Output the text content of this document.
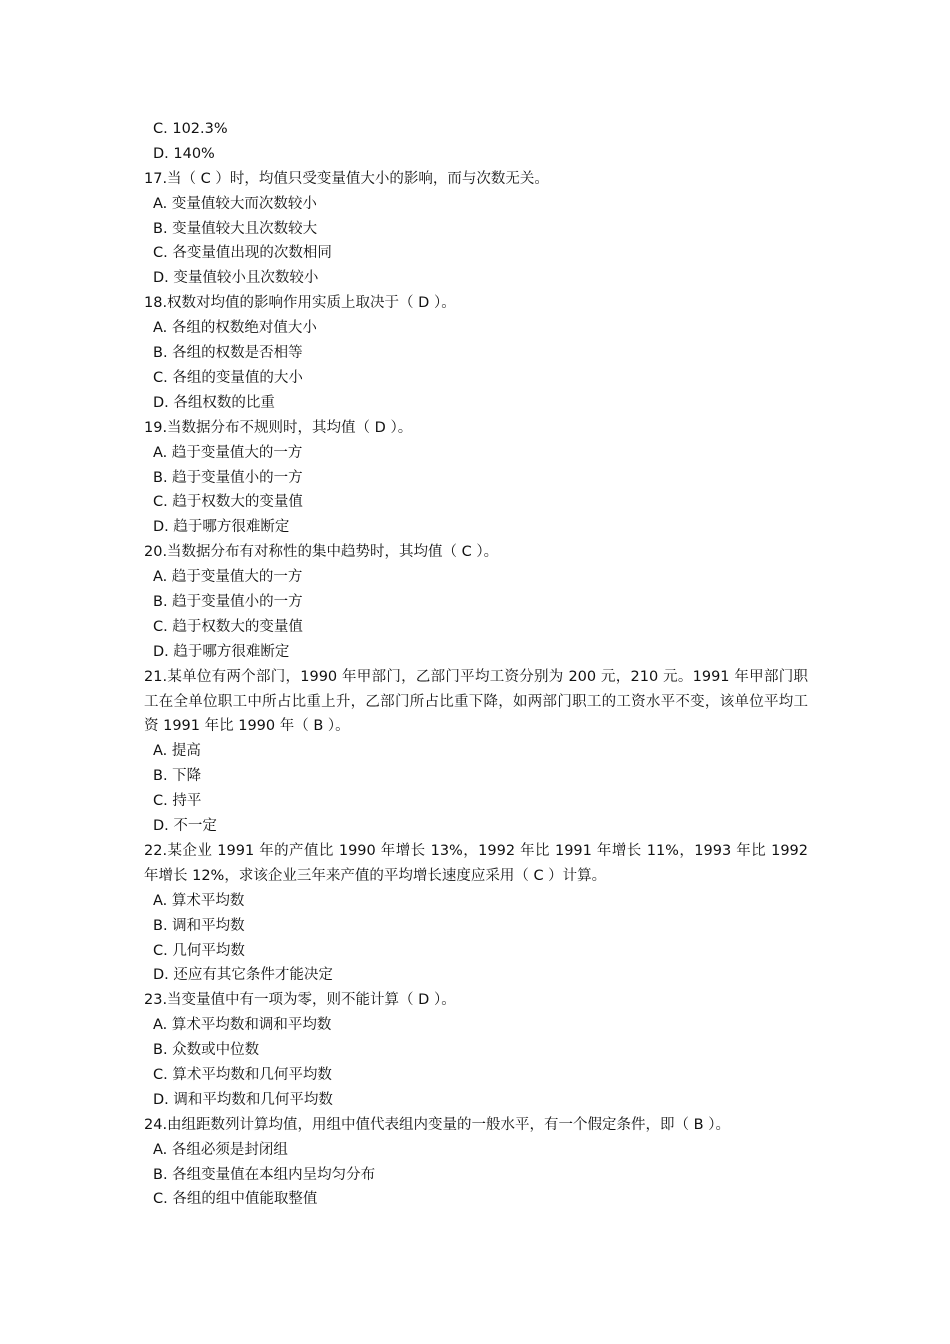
C. 102.3%
D. 140%
17.当（ C ）时，均值只受变量值大小的影响，而与次数无关。
A. 变量值较大而次数较小
B. 变量值较大且次数较大
C. 各变量值出现的次数相同
D. 变量值较小且次数较小
18.权数对均值的影响作用实质上取决于（ D ）。
A. 各组的权数绝对值大小
B. 各组的权数是否相等
C. 各组的变量值的大小
D. 各组权数的比重
19.当数据分布不规则时，其均值（ D ）。
A. 趋于变量值大的一方
B. 趋于变量值小的一方
C. 趋于权数大的变量值
D. 趋于哪方很难断定
20.当数据分布有对称性的集中趋势时，其均值（ C ）。
A. 趋于变量值大的一方
B. 趋于变量值小的一方
C. 趋于权数大的变量值
D. 趋于哪方很难断定
21.某单位有两个部门，1990 年甲部门，乙部门平均工资分别为 200 元，210 元。1991 年甲部门职工在全单位职工中所占比重上升，乙部门所占比重下降，如两部门职工的工资水平不变，该单位平均工资 1991 年比 1990 年（ B ）。
A. 提高
B. 下降
C. 持平
D. 不一定
22.某企业 1991 年的产值比 1990 年增长 13%，1992 年比 1991 年增长 11%，1993 年比 1992 年增长 12%，求该企业三年来产值的平均增长速度应采用（ C ）计算。
A. 算术平均数
B. 调和平均数
C. 几何平均数
D. 还应有其它条件才能决定
23.当变量值中有一项为零，则不能计算（ D ）。
A. 算术平均数和调和平均数
B. 众数或中位数
C. 算术平均数和几何平均数
D. 调和平均数和几何平均数
24.由组距数列计算均值，用组中值代表组内变量的一般水平，有一个假定条件，即（ B ）。
A. 各组必须是封闭组
B. 各组变量值在本组内呈均匀分布
C. 各组的组中值能取整值
